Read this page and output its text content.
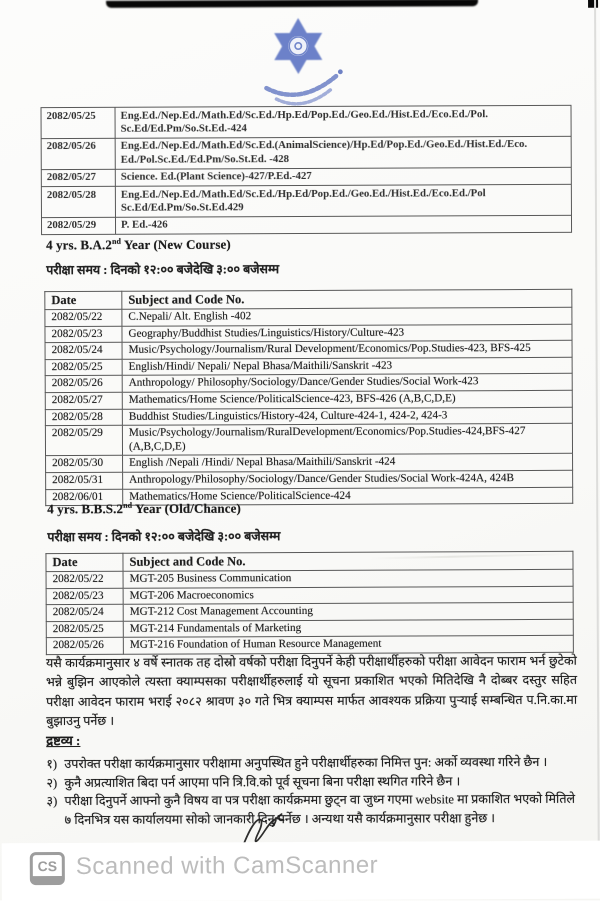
2082/05/25	Eng.Ed./Nep.Ed./Math.Ed/Sc.Ed./Hp.Ed/Pop.Ed./Geo.Ed./Hist.Ed./Eco.Ed./Pol. Sc.Ed/Ed.Pm/So.St.Ed.-424
2082/05/26	Eng.Ed./Nep.Ed./Math.Ed/Sc.Ed.(AnimalScience)/Hp.Ed/Pop.Ed./Geo.Ed./Hist.Ed./Eco. Ed./Pol.Sc.Ed./Ed.Pm/So.St.Ed. -428
2082/05/27	Science. Ed.(Plant Science)-427/P.Ed.-427
2082/05/28	Eng.Ed./Nep.Ed./Math.Ed/Sc.Ed./Hp.Ed/Pop.Ed./Geo.Ed./Hist.Ed./Eco.Ed./Pol Sc.Ed/Ed.Pm/So.St.Ed.429
2082/05/29	P. Ed.-426
4 yrs. B.A.2nd Year (New Course)
परीक्षा समय : दिनको १२:०० बजेदेखि ३:०० बजेसम्म
Date	Subject and Code No.
2082/05/22	C.Nepali/ Alt. English -402
2082/05/23	Geography/Buddhist Studies/Linguistics/History/Culture-423
2082/05/24	Music/Psychology/Journalism/Rural Development/Economics/Pop.Studies-423, BFS-425
2082/05/25	English/Hindi/ Nepali/ Nepal Bhasa/Maithili/Sanskrit -423
2082/05/26	Anthropology/ Philosophy/Sociology/Dance/Gender Studies/Social Work-423
2082/05/27	Mathematics/Home Science/PoliticalScience-423, BFS-426 (A,B,C,D,E)
2082/05/28	Buddhist Studies/Linguistics/History-424, Culture-424-1, 424-2, 424-3
2082/05/29	Music/Psychology/Journalism/RuralDevelopment/Economics/Pop.Studies-424,BFS-427 (A,B,C,D,E)
2082/05/30	English /Nepali /Hindi/ Nepal Bhasa/Maithili/Sanskrit -424
2082/05/31	Anthropology/Philosophy/Sociology/Dance/Gender Studies/Social Work-424A, 424B
2082/06/01	Mathematics/Home Science/PoliticalScience-424
4 yrs. B.B.S.2nd Year (Old/Chance)
परीक्षा समय : दिनको १२:०० बजेदेखि ३:०० बजेसम्म
Date	Subject and Code No.
2082/05/22	MGT-205 Business Communication
2082/05/23	MGT-206 Macroeconomics
2082/05/24	MGT-212 Cost Management Accounting
2082/05/25	MGT-214 Fundamentals of Marketing
2082/05/26	MGT-216 Foundation of Human Resource Management
यसै कार्यक्रमानुसार ४ वर्षे स्नातक तह दोस्रो वर्षको परीक्षा दिनुपर्ने केही परीक्षार्थीहरुको परीक्षा आवेदन फाराम भर्न छुटेको भन्ने बुझिन आएकोले त्यस्ता क्याम्पसका परीक्षार्थीहरुलाई यो सूचना प्रकाशित भएको मितिदेखि नै दोब्बर दस्तुर सहित परीक्षा आवेदन फाराम भराई २०८२ श्रावण ३० गते भित्र क्याम्पस मार्फत आवश्यक प्रक्रिया पुऱ्याई सम्बन्धित प.नि.का.मा बुझाउनु पर्नेछ ।
द्रष्टव्य :
१) उपरोक्त परीक्षा कार्यक्रमानुसार परीक्षामा अनुपस्थित हुने परीक्षार्थीहरुका निमित्त पुन: अर्को व्यवस्था गरिने छैन ।
२) कुनै अप्रत्याशित बिदा पर्न आएमा पनि त्रि.वि.को पूर्व सूचना बिना परीक्षा स्थगित गरिने छैन ।
३) परीक्षा दिनुपर्ने आफ्नो कुनै विषय वा पत्र परीक्षा कार्यक्रममा छुट्न वा जुध्न गएमा website मा प्रकाशित भएको मितिले ७ दिनभित्र यस कार्यालयमा सोको जानकारी दिनु पर्नेछ । अन्यथा यसै कार्यक्रमानुसार परीक्षा हुनेछ ।
CS Scanned with CamScanner
